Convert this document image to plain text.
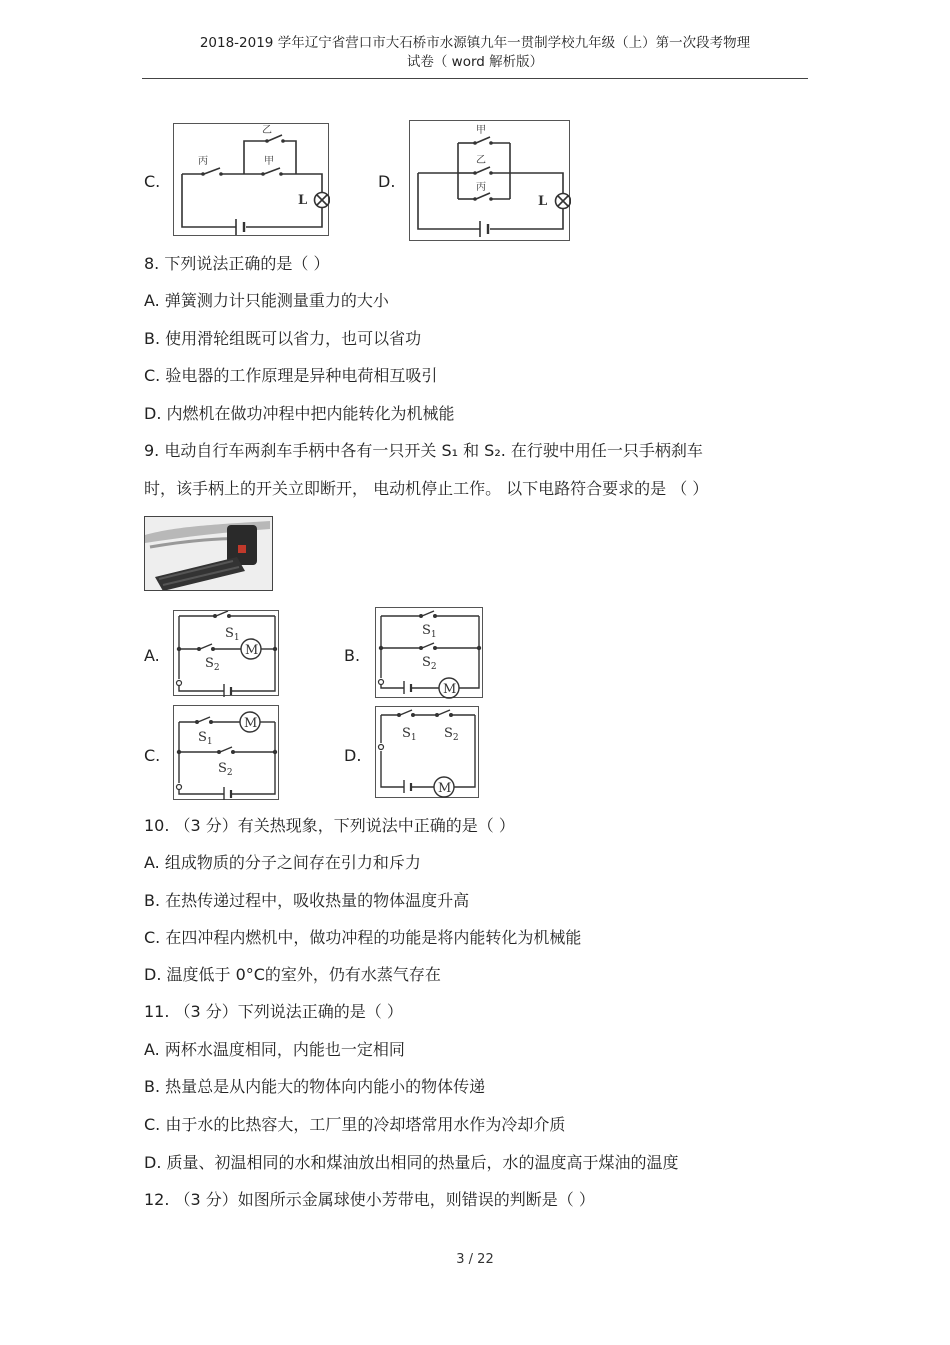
2018-2019 学年辽宁省营口市大石桥市水源镇九年一贯制学校九年级（上）第一次段考物理
试卷（ word 解析版）
C.
丙	甲
乙
L
D.
甲
乙
丙
L
8. 下列说法正确的是（ ）
A. 弹簧测力计只能测量重力的大小
B. 使用滑轮组既可以省力，也可以省功
C. 验电器的工作原理是异种电荷相互吸引
D. 内燃机在做功冲程中把内能转化为机械能
9. 电动自行车两刹车手柄中各有一只开关 S₁ 和 S₂. 在行驶中用任一只手柄刹车
时，该手柄上的开关立即断开， 电动机停止工作。 以下电路符合要求的是 （ ）
A.
$S_1$
$S_2$
M	B.
$S_1$
$S_2$
M
C.
$S_1$
$S_2$
M
D.
$S_1$ $S_2$
M
10. （3 分）有关热现象，下列说法中正确的是（ ）
A. 组成物质的分子之间存在引力和斥力
B. 在热传递过程中，吸收热量的物体温度升高
C. 在四冲程内燃机中，做功冲程的功能是将内能转化为机械能
D. 温度低于 0°C的室外，仍有水蒸气存在
11. （3 分）下列说法正确的是（ ）
A. 两杯水温度相同，内能也一定相同
B. 热量总是从内能大的物体向内能小的物体传递
C. 由于水的比热容大，工厂里的冷却塔常用水作为冷却介质
D. 质量、初温相同的水和煤油放出相同的热量后，水的温度高于煤油的温度
12. （3 分）如图所示金属球使小芳带电，则错误的判断是（ ）
3 / 22
